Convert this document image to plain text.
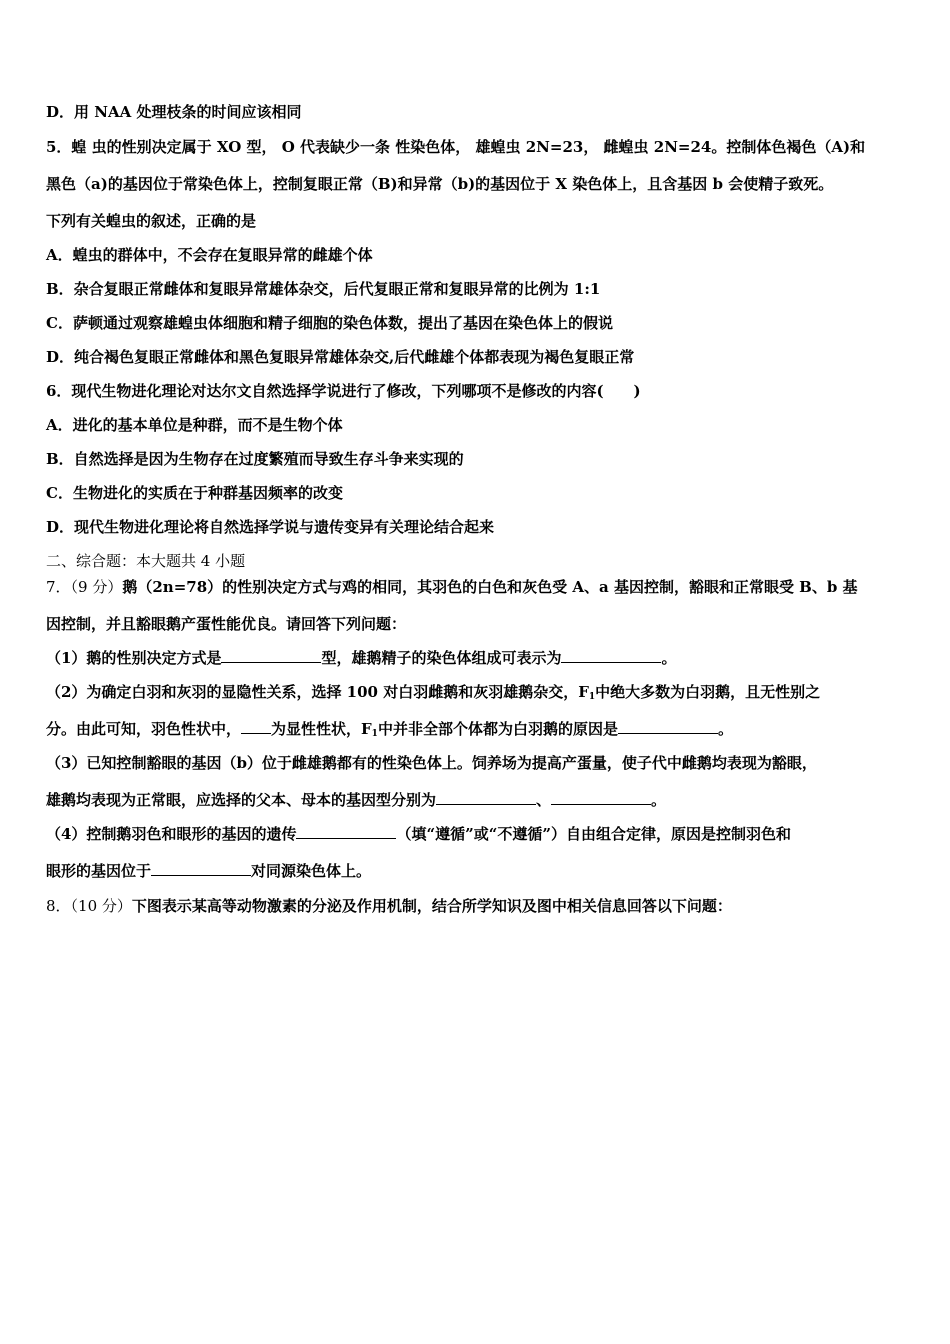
D．用 NAA 处理枝条的时间应该相同
5．蝗 虫的性别决定属于 XO 型， O 代表缺少一条 性染色体， 雄蝗虫 2N=23， 雌蝗虫 2N=24。控制体色褐色（A)和
黑色（a)的基因位于常染色体上，控制复眼正常（B)和异常（b)的基因位于 X 染色体上，且含基因 b 会使精子致死。
下列有关蝗虫的叙述，正确的是
A．蝗虫的群体中，不会存在复眼异常的雌雄个体
B．杂合复眼正常雌体和复眼异常雄体杂交，后代复眼正常和复眼异常的比例为 1:1
C．萨顿通过观察雄蝗虫体细胞和精子细胞的染色体数，提出了基因在染色体上的假说
D．纯合褐色复眼正常雌体和黑色复眼异常雄体杂交,后代雌雄个体都表现为褐色复眼正常
6．现代生物进化理论对达尔文自然选择学说进行了修改，下列哪项不是修改的内容(　　)
A．进化的基本单位是种群，而不是生物个体
B．自然选择是因为生物存在过度繁殖而导致生存斗争来实现的
C．生物进化的实质在于种群基因频率的改变
D．现代生物进化理论将自然选择学说与遗传变异有关理论结合起来
二、综合题：本大题共 4 小题
7．（9 分）鹅（2n=78）的性别决定方式与鸡的相同，其羽色的白色和灰色受 A、a 基因控制，豁眼和正常眼受 B、b 基
因控制，并且豁眼鹅产蛋性能优良。请回答下列问题：
（1）鹅的性别决定方式是	型，雄鹅精子的染色体组成可表示为	。
（2）为确定白羽和灰羽的显隐性关系，选择 100 对白羽雌鹅和灰羽雄鹅杂交，$F_1$中绝大多数为白羽鹅，且无性别之
分。由此可知，羽色性状中， 为显性性状，$F_1$中并非全部个体都为白羽鹅的原因是	。
（3）已知控制豁眼的基因（b）位于雌雄鹅都有的性染色体上。饲养场为提高产蛋量，使子代中雌鹅均表现为豁眼，
雄鹅均表现为正常眼，应选择的父本、母本的基因型分别为	、	。
（4）控制鹅羽色和眼形的基因的遗传	（填“遵循”或“不遵循”）自由组合定律，原因是控制羽色和
眼形的基因位于	对同源染色体上。
8．（10 分）下图表示某高等动物激素的分泌及作用机制，结合所学知识及图中相关信息回答以下问题：
